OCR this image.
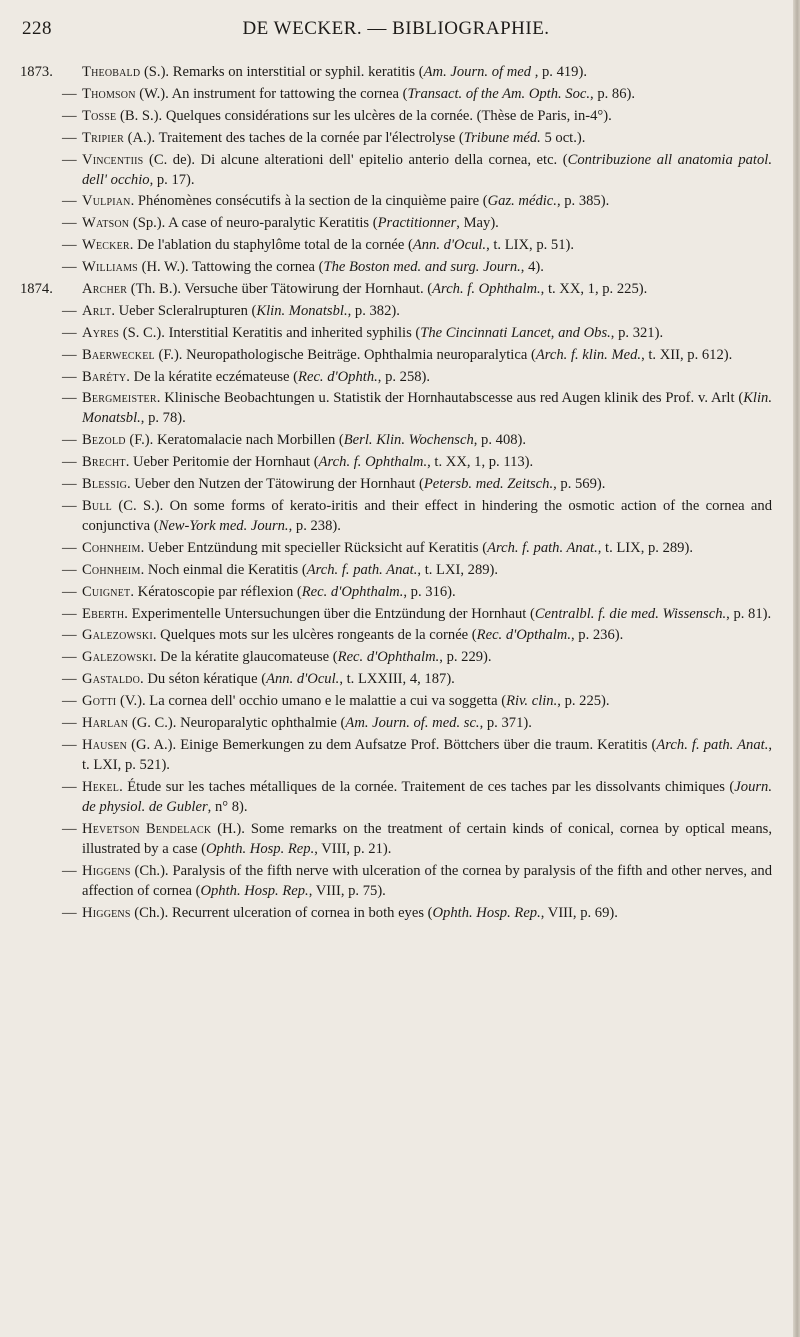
228	DE WECKER. — BIBLIOGRAPHIE.
1873. Theobald (S.). Remarks on interstitial or syphil. keratitis (Am. Journ. of med , p. 419).
— Thomson (W.). An instrument for tattowing the cornea (Transact. of the Am. Opth. Soc., p. 86).
— Tosse (B. S.). Quelques considérations sur les ulcères de la cornée. (Thèse de Paris, in-4°).
— Tripier (A.). Traitement des taches de la cornée par l'électrolyse (Tribune méd. 5 oct.).
— Vincentiis (C. de). Di alcune alterationi dell' epitelio anterio della cornea, etc. (Contribuzione all anatomia patol. dell' occhio, p. 17).
— Vulpian. Phénomènes consécutifs à la section de la cinquième paire (Gaz. médic., p. 385).
— Watson (Sp.). A case of neuro-paralytic Keratitis (Practitionner, May).
— Wecker. De l'ablation du staphylôme total de la cornée (Ann. d'Ocul., t. LIX, p. 51).
— Williams (H. W.). Tattowing the cornea (The Boston med. and surg. Journ., 4).
1874. Archer (Th. B.). Versuche über Tätowirung der Hornhaut. (Arch. f. Ophthalm., t. XX, 1, p. 225).
— Arlt. Ueber Scleralrupturen (Klin. Monatsbl., p. 382).
— Ayres (S. C.). Interstitial Keratitis and inherited syphilis (The Cincinnati Lancet, and Obs., p. 321).
— Baerweckel (F.). Neuropathologische Beiträge. Ophthalmia neuroparalytica (Arch. f. klin. Med., t. XII, p. 612).
— Baréty. De la kératite eczémateuse (Rec. d'Ophth., p. 258).
— Bergmeister. Klinische Beobachtungen u. Statistik der Hornhautabscesse aus red Augen klinik des Prof. v. Arlt (Klin. Monatsbl., p. 78).
— Bezold (F.). Keratomalacie nach Morbillen (Berl. Klin. Wochensch, p. 408).
— Brecht. Ueber Peritomie der Hornhaut (Arch. f. Ophthalm., t. XX, 1, p. 113).
— Blessig. Ueber den Nutzen der Tätowirung der Hornhaut (Petersb. med. Zeitsch., p. 569).
— Bull (C. S.). On some forms of kerato-iritis and their effect in hindering the osmotic action of the cornea and conjunctiva (New-York med. Journ., p. 238).
— Cohnheim. Ueber Entzündung mit specieller Rücksicht auf Keratitis (Arch. f. path. Anat., t. LIX, p. 289).
— Cohnheim. Noch einmal die Keratitis (Arch. f. path. Anat., t. LXI, 289).
— Cuignet. Kératoscopie par réflexion (Rec. d'Ophthalm., p. 316).
— Eberth. Experimentelle Untersuchungen über die Entzündung der Hornhaut (Centralbl. f. die med. Wissensch., p. 81).
— Galezowski. Quelques mots sur les ulcères rongeants de la cornée (Rec. d'Opthalm., p. 236).
— Galezowski. De la kératite glaucomateuse (Rec. d'Ophthalm., p. 229).
— Gastaldo. Du séton kératique (Ann. d'Ocul., t. LXXIII, 4, 187).
— Gotti (V.). La cornea dell' occhio umano e le malattie a cui va soggetta (Riv. clin., p. 225).
— Harlan (G. C.). Neuroparalytic ophthalmie (Am. Journ. of. med. sc., p. 371).
— Hausen (G. A.). Einige Bemerkungen zu dem Aufsatze Prof. Böttchers über die traum. Keratitis (Arch. f. path. Anat., t. LXI, p. 521).
— Hekel. Étude sur les taches métalliques de la cornée. Traitement de ces taches par les dissolvants chimiques (Journ. de physiol. de Gubler, n° 8).
— Hevetson Bendelack (H.). Some remarks on the treatment of certain kinds of conical, cornea by optical means, illustrated by a case (Ophth. Hosp. Rep., VIII, p. 21).
— Higgens (Ch.). Paralysis of the fifth nerve with ulceration of the cornea by paralysis of the fifth and other nerves, and affection of cornea (Ophth. Hosp. Rep., VIII, p. 75).
— Higgens (Ch.). Recurrent ulceration of cornea in both eyes (Ophth. Hosp. Rep., VIII, p. 69).
